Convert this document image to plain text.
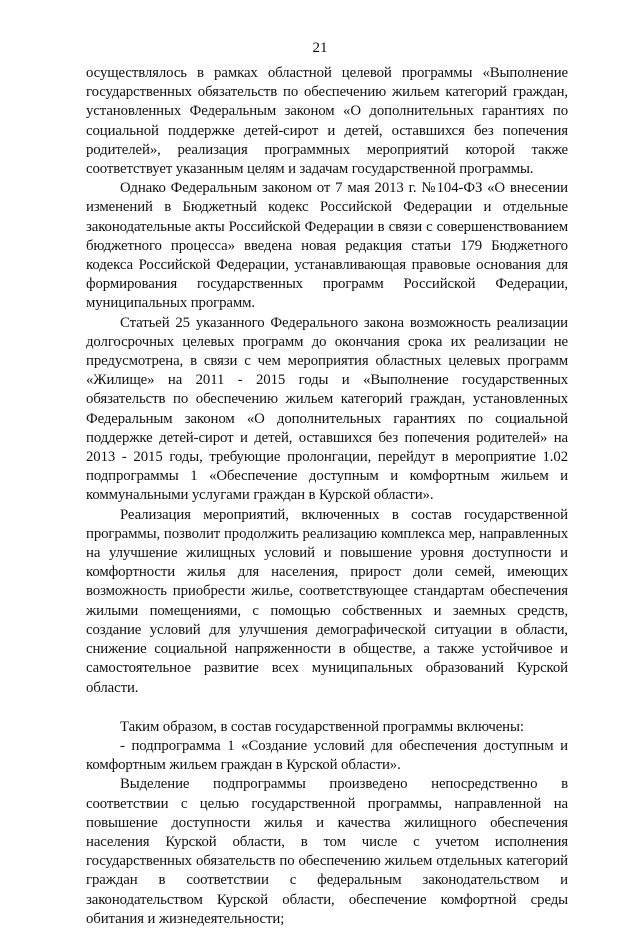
21

осуществлялось в рамках областной целевой программы «Выполнение государственных обязательств по обеспечению жильем категорий граждан, установленных Федеральным законом «О дополнительных гарантиях по социальной поддержке детей-сирот и детей, оставшихся без попечения родителей», реализация программных мероприятий которой также соответствует указанным целям и задачам государственной программы.

Однако Федеральным законом от 7 мая 2013 г. №104-ФЗ «О внесении изменений в Бюджетный кодекс Российской Федерации и отдельные законодательные акты Российской Федерации в связи с совершенствованием бюджетного процесса» введена новая редакция статьи 179 Бюджетного кодекса Российской Федерации, устанавливающая правовые основания для формирования государственных программ Российской Федерации, муниципальных программ.

Статьей 25 указанного Федерального закона возможность реализации долгосрочных целевых программ до окончания срока их реализации не предусмотрена, в связи с чем мероприятия областных целевых программ «Жилище» на 2011 - 2015 годы и «Выполнение государственных обязательств по обеспечению жильем категорий граждан, установленных Федеральным законом «О дополнительных гарантиях по социальной поддержке детей-сирот и детей, оставшихся без попечения родителей» на 2013 - 2015 годы, требующие пролонгации, перейдут в мероприятие 1.02 подпрограммы 1 «Обеспечение доступным и комфортным жильем и коммунальными услугами граждан в Курской области».

Реализация мероприятий, включенных в состав государственной программы, позволит продолжить реализацию комплекса мер, направленных на улучшение жилищных условий и повышение уровня доступности и комфортности жилья для населения, прирост доли семей, имеющих возможность приобрести жилье, соответствующее стандартам обеспечения жилыми помещениями, с помощью собственных и заемных средств, создание условий для улучшения демографической ситуации в области, снижение социальной напряженности в обществе, а также устойчивое и самостоятельное развитие всех муниципальных образований Курской области.

Таким образом, в состав государственной программы включены:

- подпрограмма 1 «Создание условий для обеспечения доступным и комфортным жильем граждан в Курской области».

Выделение подпрограммы произведено непосредственно в соответствии с целью государственной программы, направленной на повышение доступности жилья и качества жилищного обеспечения населения Курской области, в том числе с учетом исполнения государственных обязательств по обеспечению жильем отдельных категорий граждан в соответствии с федеральным законодательством и законодательством Курской области, обеспечение комфортной среды обитания и жизнедеятельности;
